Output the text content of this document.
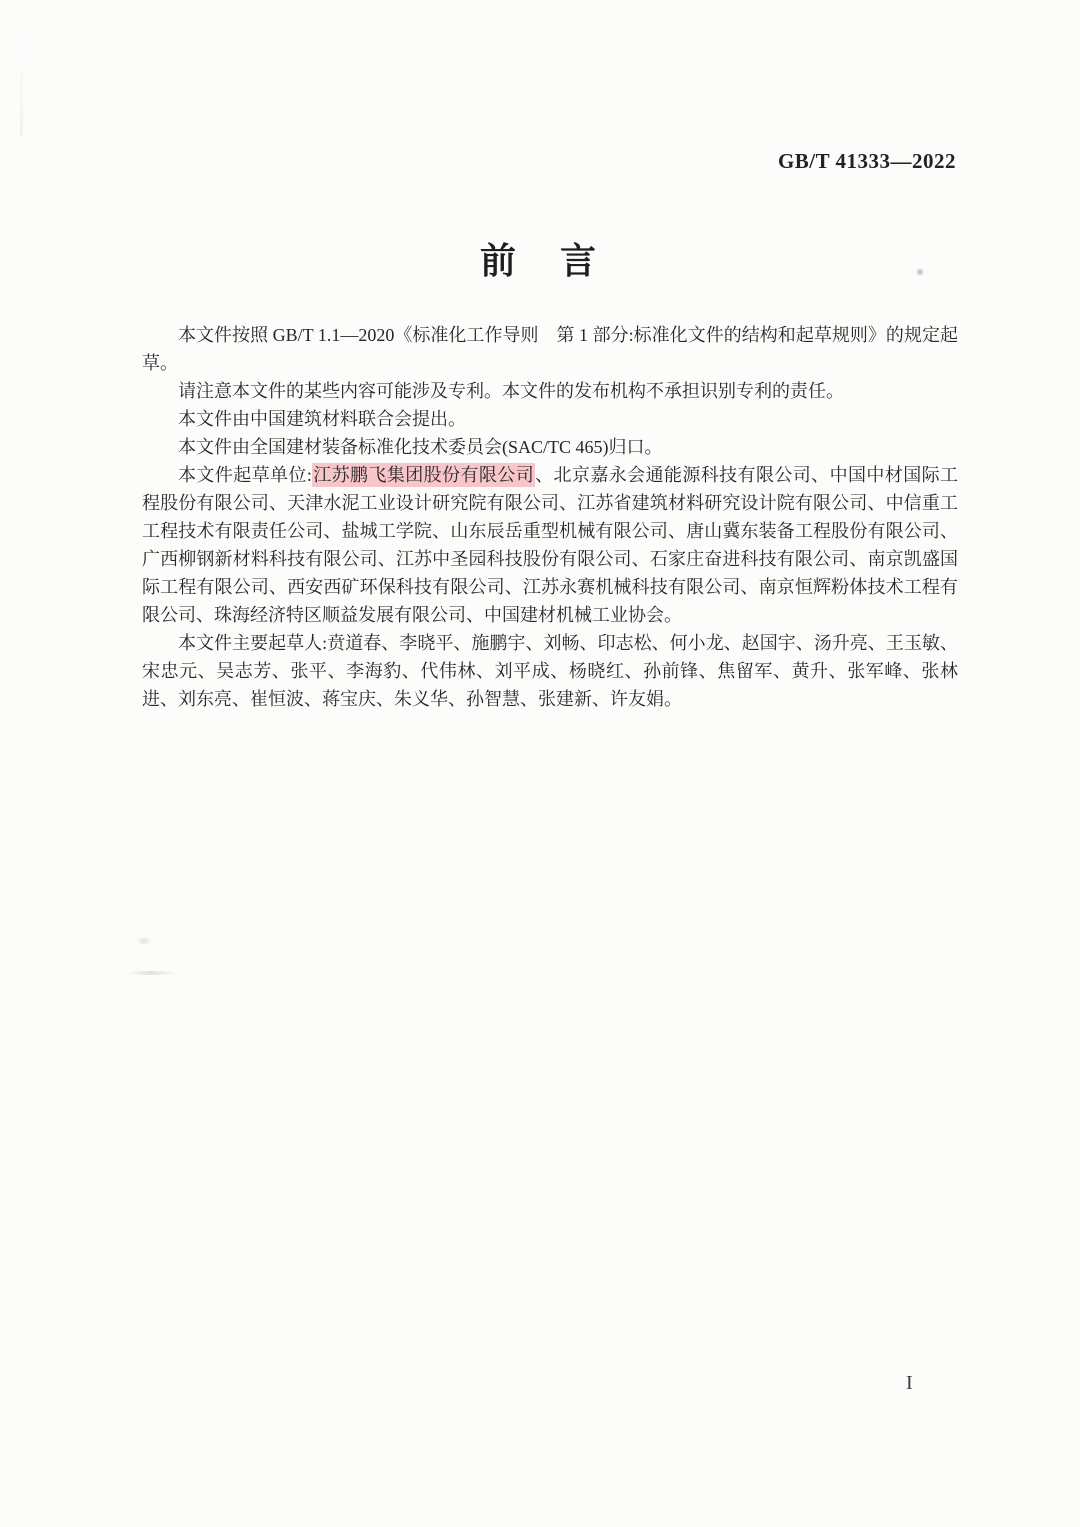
GB/T 41333—2022
前　言

本文件按照 GB/T 1.1—2020《标准化工作导则　第 1 部分:标准化文件的结构和起草规则》的规定起草。

请注意本文件的某些内容可能涉及专利。本文件的发布机构不承担识别专利的责任。

本文件由中国建筑材料联合会提出。

本文件由全国建材装备标准化技术委员会(SAC/TC 465)归口。

本文件起草单位:江苏鹏飞集团股份有限公司、北京嘉永会通能源科技有限公司、中国中材国际工程股份有限公司、天津水泥工业设计研究院有限公司、江苏省建筑材料研究设计院有限公司、中信重工工程技术有限责任公司、盐城工学院、山东辰岳重型机械有限公司、唐山冀东装备工程股份有限公司、广西柳钢新材料科技有限公司、江苏中圣园科技股份有限公司、石家庄奋进科技有限公司、南京凯盛国际工程有限公司、西安西矿环保科技有限公司、江苏永赛机械科技有限公司、南京恒辉粉体技术工程有限公司、珠海经济特区顺益发展有限公司、中国建材机械工业协会。

本文件主要起草人:贲道春、李晓平、施鹏宇、刘畅、印志松、何小龙、赵国宇、汤升亮、王玉敏、宋忠元、吴志芳、张平、李海豹、代伟林、刘平成、杨晓红、孙前锋、焦留军、黄升、张军峰、张林进、刘东亮、崔恒波、蒋宝庆、朱义华、孙智慧、张建新、许友娟。

I
